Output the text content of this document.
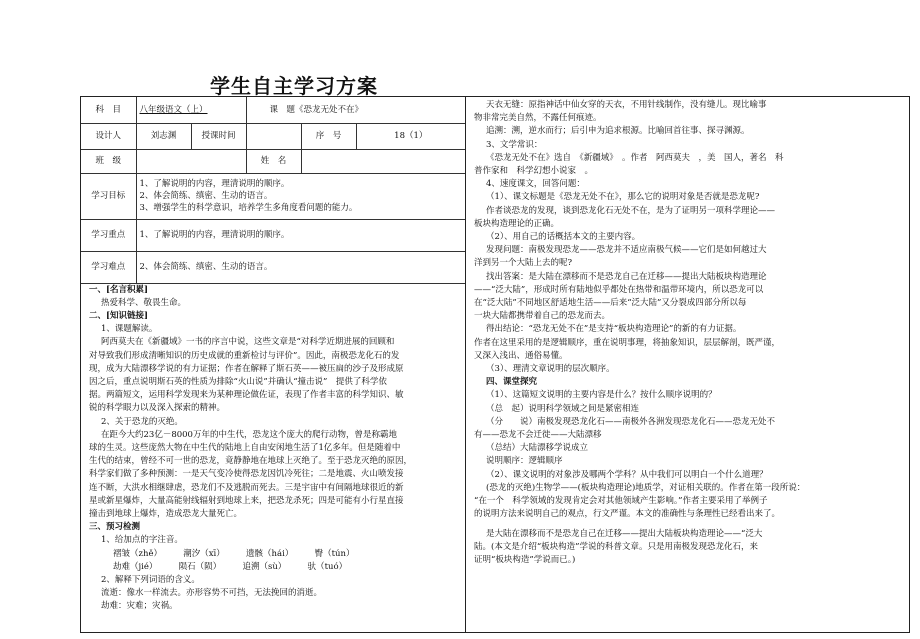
学生自主学习方案
科　目	八年级语文（上）		课　题《恐龙无处不在》		
设计人	刘志渊	授课时间		序　号	18（1）
班　级			姓　名		
学习目标	1、了解说明的内容，理清说明的顺序。
2、体会简练、缜密、生动的语言。
3、增强学生的科学意识，培养学生多角度看问题的能力。				

学习重点	1、了解说明的内容，理清说明的顺序。				
学习难点	2、体会简练、缜密、生动的语言。				
一、[名言积累]
热爱科学、敬畏生命。
二、[知识链接]
1、课题解读。
阿西莫夫在《新疆域》一书的序言中说，这些文章是“对科学近期进展的回顾和
对导致我们形成清晰知识的历史成就的重新检讨与评价”。因此，南极恐龙化石的发
现，成为大陆漂移学说的有力证据；作者在解释了斯石英——被压扁的沙子及形成原
因之后，重点说明斯石英的性质为排除“火山说”并确认“撞击说”　提供了科学依
据。两篇短文，运用科学发现来为某种理论做佐证，表现了作者丰富的科学知识、敏
锐的科学眼力以及深入探索的精神。
2、关于恐龙的灭绝。
在距今大约23亿－8000万年的中生代，恐龙这个庞大的爬行动物，曾是称霸地
球的生灵。这些庞然大物在中生代的陆地上自由安闲地生活了1亿多年。但是随着中
生代的结束，曾经不可一世的恐龙，竟静静地在地球上灭绝了。至于恐龙灭绝的原因，
科学家们做了多种预测：一是天气变冷使得恐龙因饥冷死往；二是地震、火山喷发接
连不断，大洪水相继肆虐，恐龙们不及逃脱而死去。三是宇宙中有间隔地球很近的新
星或新星爆炸，大量高能射线辐射到地球上来，把恐龙杀死；四是可能有小行星直接
撞击到地球上爆炸，造成恐龙大量死亡。
三、预习检测
1、给加点的字注音。
褶皱（zhě）　　　潮汐（xī）　　　遗骸（hái）　　　臀（tún）
劫难（jié）　　　陨石（陨）　　　追溯（sù）　　　驮（tuó）
2、解释下列词语的含义。
流逝：像水一样流去。亦形容势不可挡，无法挽回的消逝。
劫难：灾难；灾祸。
天衣无缝：原指神话中仙女穿的天衣，不用针线制作，没有缝儿。现比喻事
物非常完美自然，不露任何痕迹。
追溯：溯，逆水而行；后引申为追求根源。比喻回首往事、探寻渊源。
3、文学常识：
《恐龙无处不在》选自　《新疆域》　。作者　阿西莫夫　，美　国人，著名　科
普作家和　科学幻想小说家　。
4、速度课文，回答问题：
（1）、课文标题是《恐龙无处不在》，那么它的说明对象是否就是恐龙呢?
作者谈恐龙的发现，谈到恐龙化石无处不在，是为了证明另一项科学理论——
板块构造理论的正确。
（2）、用自己的话概括本文的主要内容。
发现问题：南极发现恐龙——恐龙并不适应南极气候——它们是如何越过大
洋到另一个大陆上去的呢?
找出答案：是大陆在漂移而不是恐龙自己在迁移——提出大陆板块构造理论
——“泛大陆”，形成时所有陆地似乎都处在热带和温带环境内，所以恐龙可以
在“泛大陆”不同地区舒适地生活——后来“泛大陆”又分裂成四部分所以每
一块大陆都携带着自己的恐龙而去。
得出结论：“恐龙无处不在”是支持“板块构造理论”的新的有力证据。
作者在这里采用的是逻辑顺序，重在说明事理，将抽象知识，层层解剖，既严谨，
又深入浅出、通俗易懂。
（3）、理清文章说明的层次顺序。
四、课堂探究
（1）、这篇短文说明的主要内容是什么？按什么顺序说明的？
（总　起）说明科学领域之间是紧密相连
（分　　说）南极发现恐龙化石——南极外各洲发现恐龙化石——恐龙无处不
有——恐龙不会迁徙——大陆漂移
（总结）大陆漂移学说成立
说明顺序：逻辑顺序
（2）、课文说明的对象涉及哪两个学科？从中我们可以明白一个什么道理？
(恐龙的灭绝)生物学——(板块构造理论)地质学，对证相关联的。作者在第一段所说：
“在一个　科学领域的发现肯定会对其他领域产生影响。”作者主要采用了举例子
的说明方法来说明自己的观点，行文严谨。本文的准确性与条理性已经看出来了。
是大陆在漂移而不是恐龙自己在迁移——提出大陆板块构造理论——“泛大
陆。(本文是介绍“板块构造”学说的科普文章。只是用南极发现恐龙化石，来
证明“板块构造”学说而已。)
